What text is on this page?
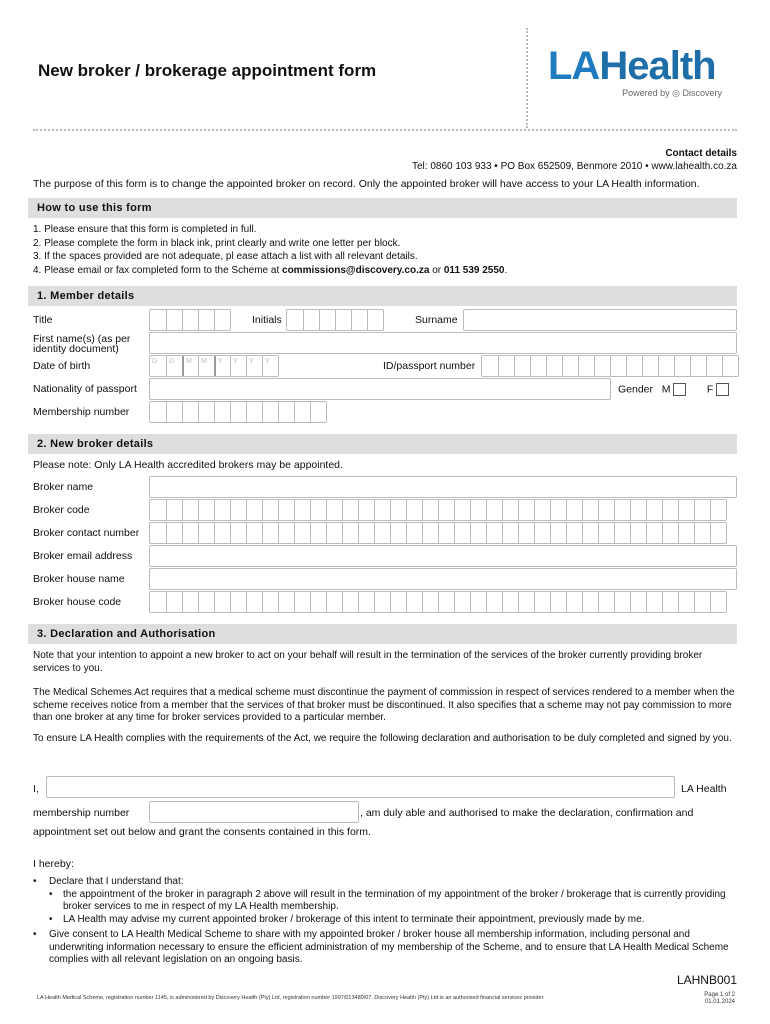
New broker / brokerage appointment form	LAHealth
Powered by ◎ Discovery
Contact details
Tel: 0860 103 933 • PO Box 652509, Benmore 2010 • www.lahealth.co.za
The purpose of this form is to change the appointed broker on record. Only the appointed broker will have access to your LA Health information.
How to use this form
1. Please ensure that this form is completed in full.
2. Please complete the form in black ink, print clearly and write one letter per block.
3. If the spaces provided are not adequate, pl ease attach a list with all relevant details.
4. Please email or fax completed form to the Scheme at commissions@discovery.co.za or 011 539 2550.
1. Member details
Title	Initials	Surname
First name(s) (as per identity document)
Date of birth	D	D	M	M	Y	Y	Y	Y	ID/passport number
Nationality of passport	Gender M	F
Membership number
2. New broker details
Please note: Only LA Health accredited brokers may be appointed.
Broker name
Broker code
Broker contact number
Broker email address
Broker house name
Broker house code
3. Declaration and Authorisation
Note that your intention to appoint a new broker to act on your behalf will result in the termination of the services of the broker currently providing broker services to you.
The Medical Schemes Act requires that a medical scheme must discontinue the payment of commission in respect of services rendered to a member when the scheme receives notice from a member that the services of that broker must be discontinued. It also specifies that a scheme may not pay commission to more than one broker at any time for broker services provided to a particular member.
To ensure LA Health complies with the requirements of the Act, we require the following declaration and authorisation to be duly completed and signed by you.
I,	LA Health
membership number	, am duly able and authorised to make the declaration, confirmation and
appointment set out below and grant the consents contained in this form.
I hereby:
•	Declare that I understand that:
•	the appointment of the broker in paragraph 2 above will result in the termination of my appointment of the broker / brokerage that is currently providing broker services to me in respect of my LA Health membership.
•	LA Health may advise my current appointed broker / brokerage of this intent to terminate their appointment, previously made by me.
•	Give consent to LA Health Medical Scheme to share with my appointed broker / broker house all membership information, including personal and underwriting information necessary to ensure the efficient administration of my membership of the Scheme, and to ensure that LA Health Medical Scheme complies with all relevant legislation on an ongoing basis.
LAHNB001
LA Health Medical Scheme, registration number 1145, is administered by Discovery Health (Pty) Ltd, registration number 1997/013480/07. Discovery Health (Pty) Ltd is an authorised financial services provider.	Page 1 of 2
01.01.2024
